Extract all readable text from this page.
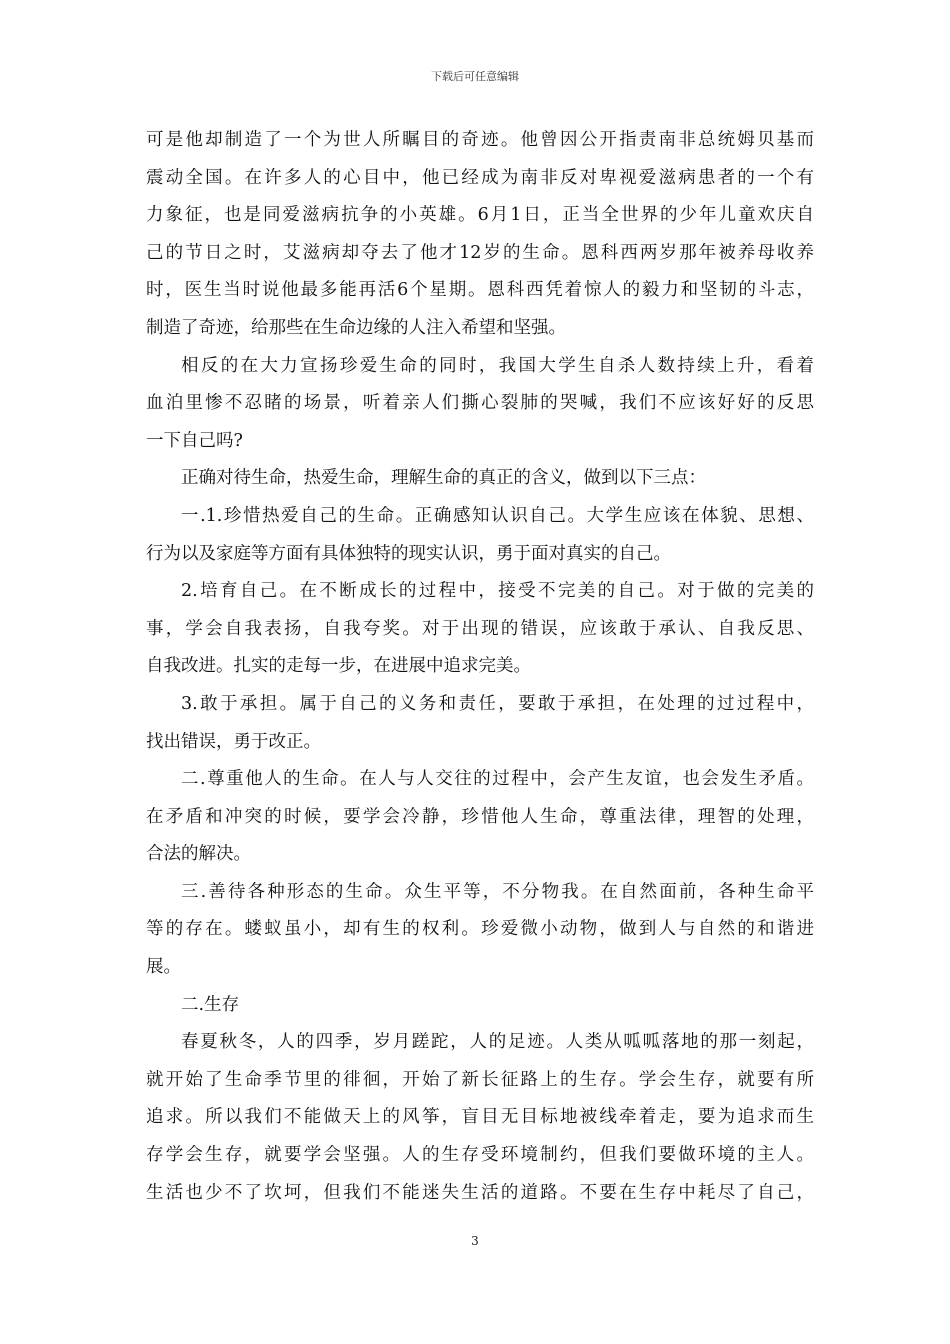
下载后可任意编辑
可是他却制造了一个为世人所瞩目的奇迹。他曾因公开指责南非总统姆贝基而
震动全国。在许多人的心目中，他已经成为南非反对卑视爱滋病患者的一个有
力象征，也是同爱滋病抗争的小英雄。6月1日，正当全世界的少年儿童欢庆自
己的节日之时，艾滋病却夺去了他才12岁的生命。恩科西两岁那年被养母收养
时，医生当时说他最多能再活6个星期。恩科西凭着惊人的毅力和坚韧的斗志，
制造了奇迹，给那些在生命边缘的人注入希望和坚强。
相反的在大力宣扬珍爱生命的同时，我国大学生自杀人数持续上升，看着
血泊里惨不忍睹的场景，听着亲人们撕心裂肺的哭喊，我们不应该好好的反思
一下自己吗?
正确对待生命，热爱生命，理解生命的真正的含义，做到以下三点：
一.1.珍惜热爱自己的生命。正确感知认识自己。大学生应该在体貌、思想、
行为以及家庭等方面有具体独特的现实认识，勇于面对真实的自己。
2.培育自己。在不断成长的过程中，接受不完美的自己。对于做的完美的
事，学会自我表扬，自我夸奖。对于出现的错误，应该敢于承认、自我反思、
自我改进。扎实的走每一步，在进展中追求完美。
3.敢于承担。属于自己的义务和责任，要敢于承担，在处理的过过程中，
找出错误，勇于改正。
二.尊重他人的生命。在人与人交往的过程中，会产生友谊，也会发生矛盾。
在矛盾和冲突的时候，要学会冷静，珍惜他人生命，尊重法律，理智的处理，
合法的解决。
三.善待各种形态的生命。众生平等，不分物我。在自然面前，各种生命平
等的存在。蝼蚁虽小，却有生的权利。珍爱微小动物，做到人与自然的和谐进
展。
二.生存
春夏秋冬，人的四季，岁月蹉跎，人的足迹。人类从呱呱落地的那一刻起，
就开始了生命季节里的徘徊，开始了新长征路上的生存。学会生存，就要有所
追求。所以我们不能做天上的风筝，盲目无目标地被线牵着走，要为追求而生
存学会生存，就要学会坚强。人的生存受环境制约，但我们要做环境的主人。
生活也少不了坎坷，但我们不能迷失生活的道路。不要在生存中耗尽了自己，
3
